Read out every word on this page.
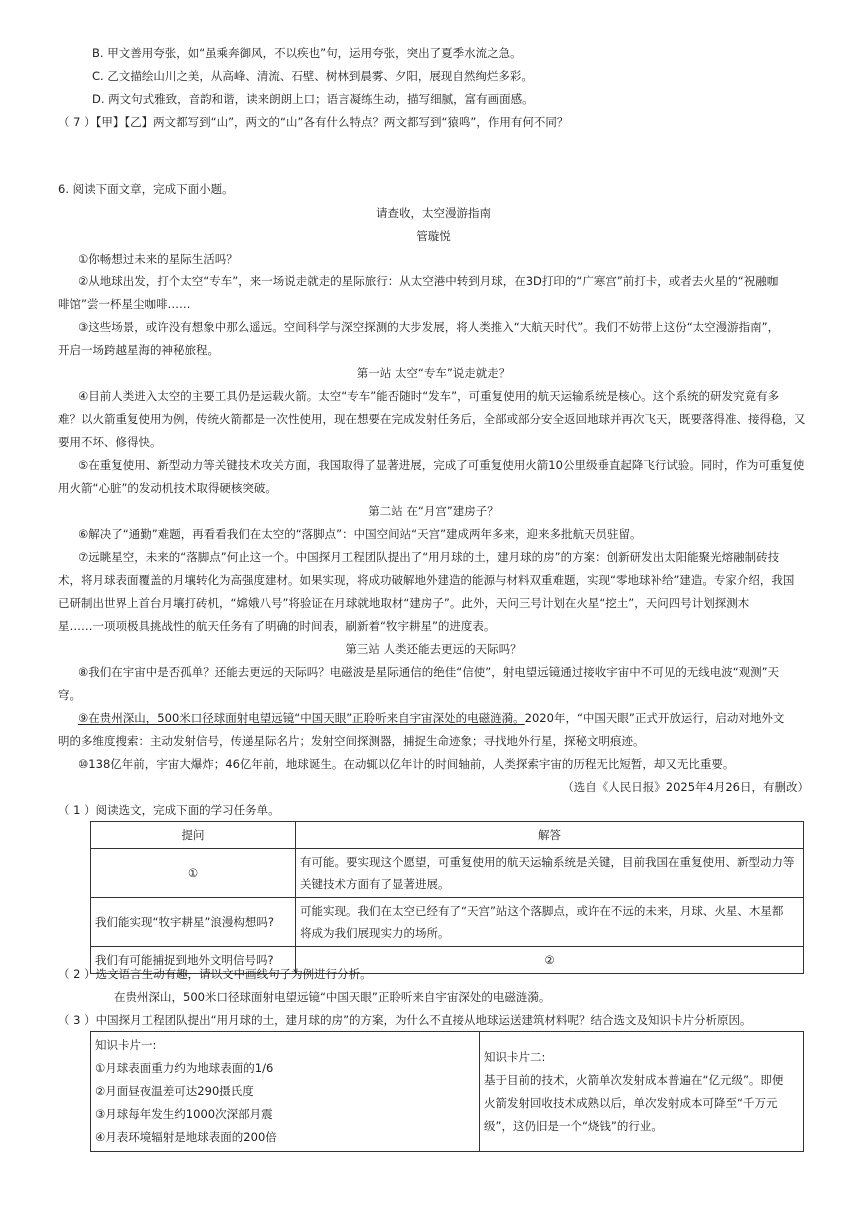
B. 甲文善用夸张，如“虽乘奔御风，不以疾也”句，运用夸张，突出了夏季水流之急。
C. 乙文描绘山川之美，从高峰、清流、石壁、树林到晨雾、夕阳，展现自然绚烂多彩。
D. 两文句式雅致，音韵和谐，读来朗朗上口；语言凝练生动，描写细腻，富有画面感。
（ 7 ）【甲】【乙】两文都写到“山”，两文的“山”各有什么特点？两文都写到“猿鸣”，作用有何不同？
6. 阅读下面文章，完成下面小题。
请查收，太空漫游指南
管璇悦
①你畅想过未来的星际生活吗？
②从地球出发，打个太空“专车”，来一场说走就走的星际旅行：从太空港中转到月球，在3D打印的“广寒宫”前打卡，或者去火星的“祝融咖
啡馆”尝一杯星尘咖啡……
③这些场景，或许没有想象中那么遥远。空间科学与深空探测的大步发展，将人类推入“大航天时代”。我们不妨带上这份“太空漫游指南”，
开启一场跨越星海的神秘旅程。
第一站 太空“专车”说走就走？
④目前人类进入太空的主要工具仍是运载火箭。太空“专车”能否随时“发车”，可重复使用的航天运输系统是核心。这个系统的研发究竟有多
难？以火箭重复使用为例，传统火箭都是一次性使用，现在想要在完成发射任务后，全部或部分安全返回地球并再次飞天，既要落得准、接得稳，又
要用不坏、修得快。
⑤在重复使用、新型动力等关键技术攻关方面，我国取得了显著进展，完成了可重复使用火箭10公里级垂直起降飞行试验。同时，作为可重复使
用火箭“心脏”的发动机技术取得硬核突破。
第二站 在“月宫”建房子？
⑥解决了“通勤”难题，再看看我们在太空的“落脚点”：中国空间站“天宫”建成两年多来，迎来多批航天员驻留。
⑦远眺星空，未来的“落脚点”何止这一个。中国探月工程团队提出了“用月球的土，建月球的房”的方案：创新研发出太阳能聚光熔融制砖技
术，将月球表面覆盖的月壤转化为高强度建材。如果实现，将成功破解地外建造的能源与材料双重难题，实现“零地球补给”建造。专家介绍，我国
已研制出世界上首台月壤打砖机，“嫦娥八号”将验证在月球就地取材“建房子”。此外，天问三号计划在火星“挖土”，天问四号计划探测木
星……一项项极具挑战性的航天任务有了明确的时间表，刷新着“牧宇耕星”的进度表。
第三站 人类还能去更远的天际吗？
⑧我们在宇宙中是否孤单？还能去更远的天际吗？电磁波是星际通信的绝佳“信使”，射电望远镜通过接收宇宙中不可见的无线电波“观测”天
穹。
⑨在贵州深山，500米口径球面射电望远镜“中国天眼”正聆听来自宇宙深处的电磁涟漪。2020年，“中国天眼”正式开放运行，启动对地外文
明的多维度搜索：主动发射信号，传递星际名片；发射空间探测器，捕捉生命迹象；寻找地外行星，探秘文明痕迹。
⑩138亿年前，宇宙大爆炸；46亿年前，地球诞生。在动辄以亿年计的时间轴前，人类探索宇宙的历程无比短暂，却又无比重要。
（选自《人民日报》2025年4月26日，有删改）
（ 1 ）阅读选文，完成下面的学习任务单。
提问	解答
①	有可能。要实现这个愿望，可重复使用的航天运输系统是关键，目前我国在重复使用、新型动力等
关键技术方面有了显著进展。

我们能实现“牧宇耕星”浪漫构想吗?	可能实现。我们在太空已经有了“天宫”站这个落脚点，或许在不远的未来，月球、火星、木星都
将成为我们展现实力的场所。

我们有可能捕捉到地外文明信号吗?	②
（ 2 ）选文语言生动有趣，请以文中画线句子为例进行分析。
在贵州深山，500米口径球面射电望远镜“中国天眼”正聆听来自宇宙深处的电磁涟漪。
（ 3 ）中国探月工程团队提出“用月球的土，建月球的房”的方案，为什么不直接从地球运送建筑材料呢？结合选文及知识卡片分析原因。
知识卡片一:
①月球表面重力约为地球表面的1/6
②月面昼夜温差可达290摄氏度
③月球每年发生约1000次深部月震
④月表环境辐射是地球表面的200倍

知识卡片二:
基于目前的技术，火箭单次发射成本普遍在“亿元级”。即便
火箭发射回收技术成熟以后，单次发射成本可降至“千万元
级”，这仍旧是一个“烧钱”的行业。
